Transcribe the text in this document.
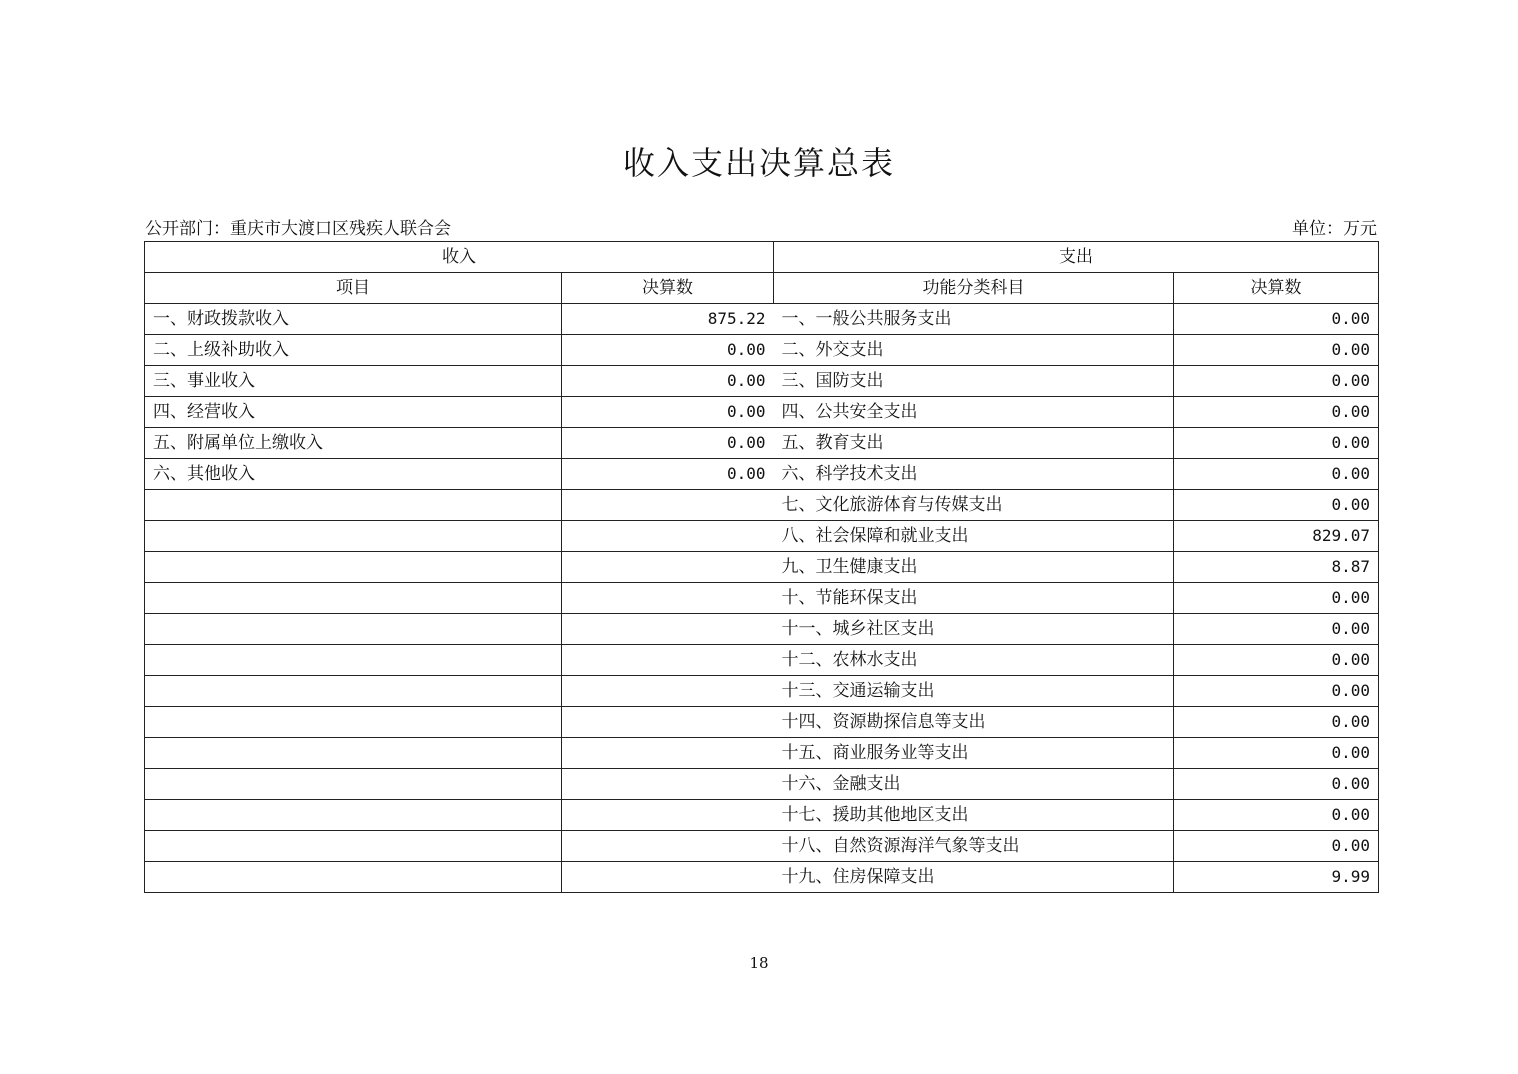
收入支出决算总表
公开部门：重庆市大渡口区残疾人联合会	单位：万元
收入		支出	
项目	决算数	功能分类科目	决算数
一、财政拨款收入	875.22	一、一般公共服务支出	0.00
二、上级补助收入	0.00	二、外交支出	0.00
三、事业收入	0.00	三、国防支出	0.00
四、经营收入	0.00	四、公共安全支出	0.00
五、附属单位上缴收入	0.00	五、教育支出	0.00
六、其他收入	0.00	六、科学技术支出	0.00
		七、文化旅游体育与传媒支出	0.00
		八、社会保障和就业支出	829.07
		九、卫生健康支出	8.87
		十、节能环保支出	0.00
		十一、城乡社区支出	0.00
		十二、农林水支出	0.00
		十三、交通运输支出	0.00
		十四、资源勘探信息等支出	0.00
		十五、商业服务业等支出	0.00
		十六、金融支出	0.00
		十七、援助其他地区支出	0.00
		十八、自然资源海洋气象等支出	0.00
		十九、住房保障支出	9.99
18
